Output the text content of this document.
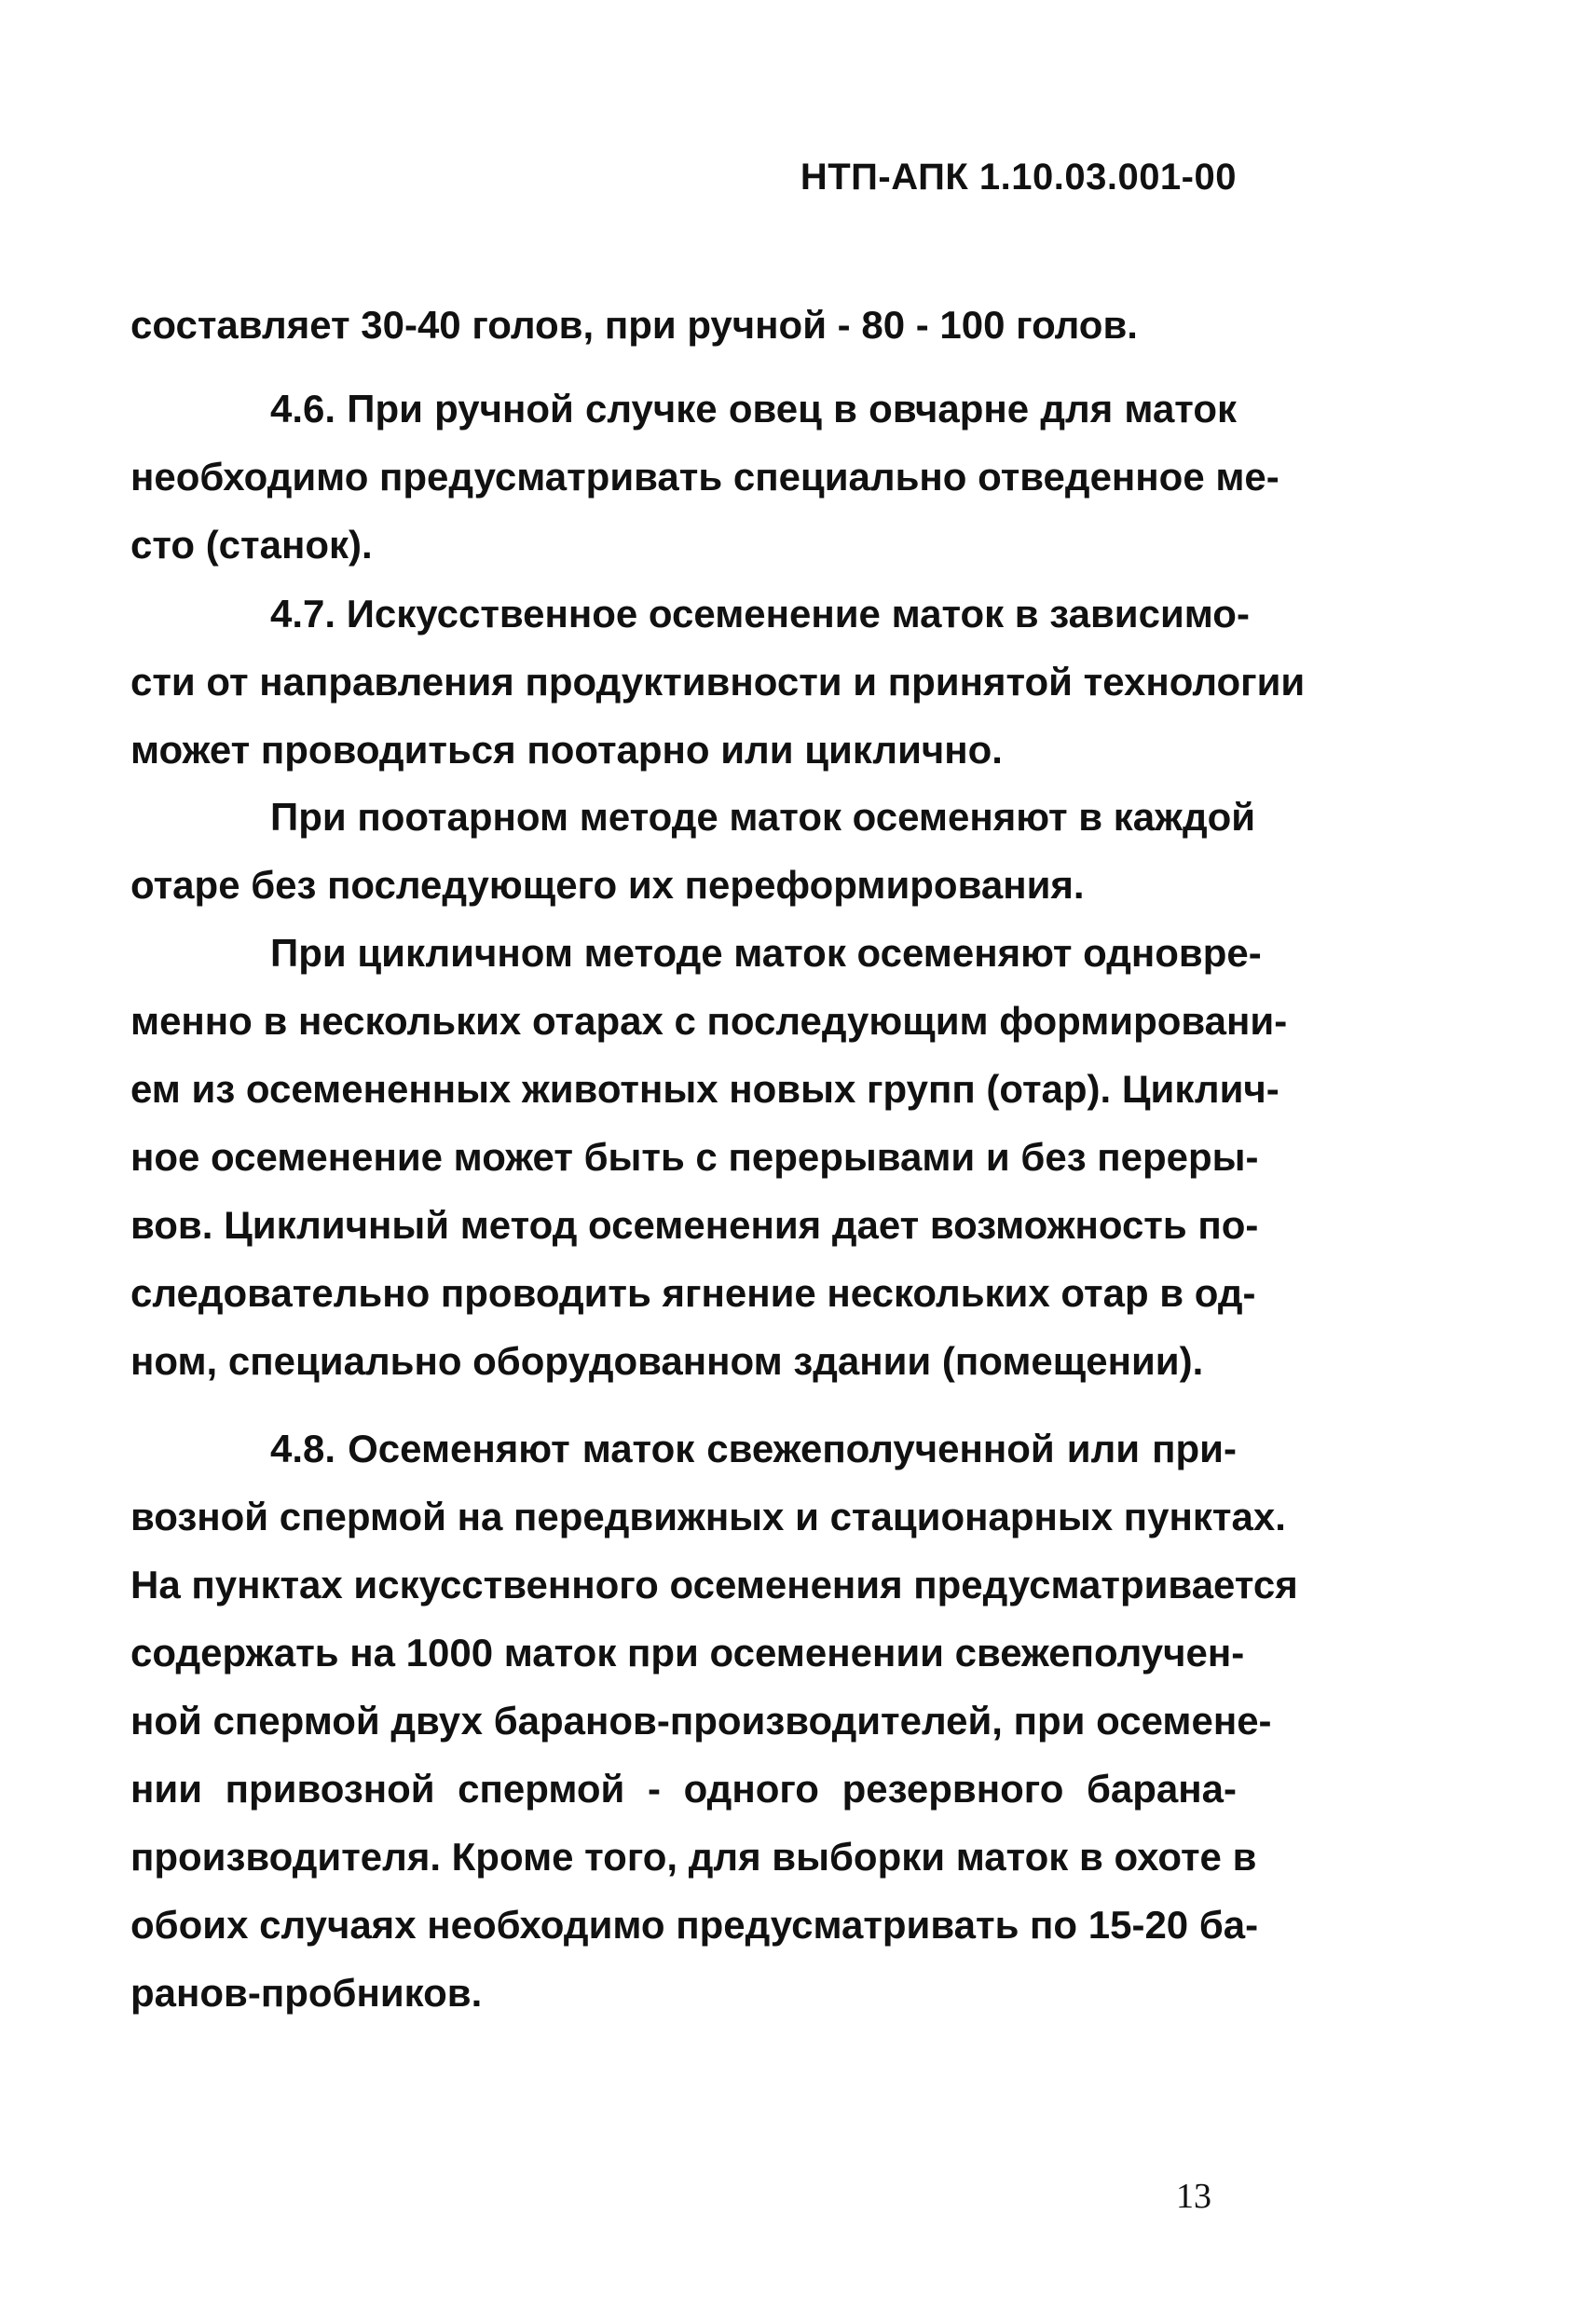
НТП-АПК 1.10.03.001-00
составляет 30-40 голов, при ручной - 80 - 100 голов.
4.6. При ручной случке овец в овчарне для маток
необходимо предусматривать специально отведенное ме-
сто (станок).
4.7. Искусственное осеменение маток в зависимо-
сти от направления продуктивности и принятой технологии
может проводиться поотарно или циклично.
При поотарном методе маток осеменяют в каждой
отаре без последующего их переформирования.
При цикличном методе маток осеменяют одновре-
менно в нескольких отарах с последующим формировани-
ем из осемененных животных новых групп (отар). Циклич-
ное осеменение может быть с перерывами и без переры-
вов. Цикличный метод осеменения дает возможность по-
следовательно проводить ягнение нескольких отар в од-
ном, специально оборудованном здании (помещении).
4.8. Осеменяют маток свежеполученной или при-
возной спермой на передвижных и стационарных пунктах.
На пунктах искусственного осеменения предусматривается
содержать на 1000 маток при осеменении свежеполучен-
ной спермой двух баранов-производителей, при осемене-
нии привозной спермой - одного резервного барана-
производителя. Кроме того, для выборки маток в охоте в
обоих случаях необходимо предусматривать по 15-20 ба-
ранов-пробников.
13
